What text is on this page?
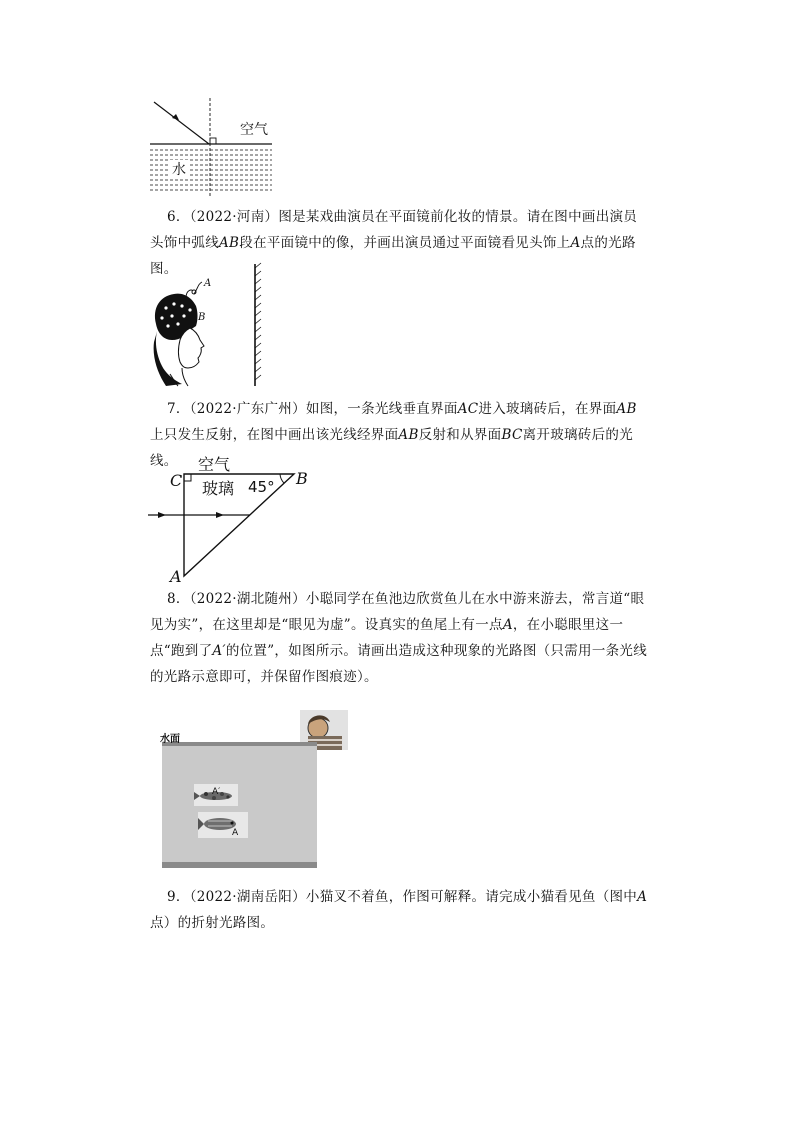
空气
水
6．（2022·河南）图是某戏曲演员在平面镜前化妆的情景。请在图中画出演员头饰中弧线AB段在平面镜中的像，并画出演员通过平面镜看见头饰上A点的光路图。
A
B
7．（2022·广东广州）如图，一条光线垂直界面AC进入玻璃砖后，在界面AB上只发生反射，在图中画出该光线经界面AB反射和从界面BC离开玻璃砖后的光线。	空气
玻璃 45°
C	B
A
8．（2022·湖北随州）小聪同学在鱼池边欣赏鱼儿在水中游来游去，常言道“眼见为实”，在这里却是“眼见为虚”。设真实的鱼尾上有一点A，在小聪眼里这一点“跑到了A′的位置”，如图所示。请画出造成这种现象的光路图（只需用一条光线的光路示意即可，并保留作图痕迹）。
水面
A′
A
9．（2022·湖南岳阳）小猫叉不着鱼，作图可解释。请完成小猫看见鱼（图中A点）的折射光路图。
